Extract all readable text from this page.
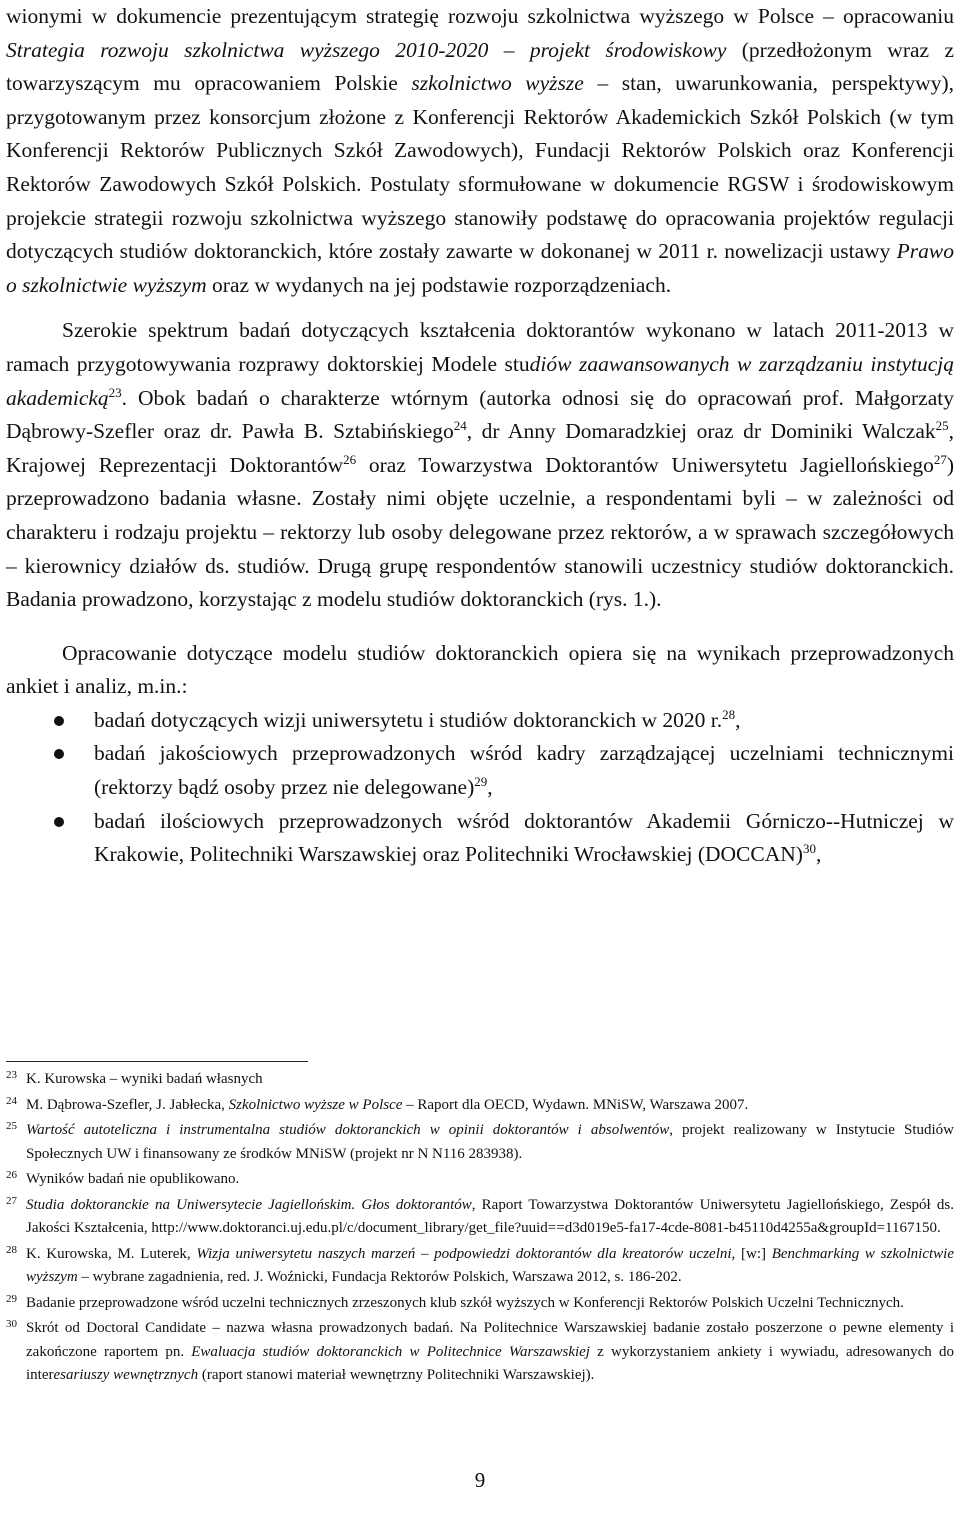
wionymi w dokumencie prezentującym strategię rozwoju szkolnictwa wyższego w Polsce – opracowaniu Strategia rozwoju szkolnictwa wyższego 2010-2020 – projekt środowiskowy (przedłożonym wraz z towarzyszącym mu opracowaniem Polskie szkolnictwo wyższe – stan, uwarunkowania, perspektywy), przygotowanym przez konsorcjum złożone z Konferencji Rektorów Akademickich Szkół Polskich (w tym Konferencji Rektorów Publicznych Szkół Zawodowych), Fundacji Rektorów Polskich oraz Konferencji Rektorów Zawodowych Szkół Polskich. Postulaty sformułowane w dokumencie RGSW i środowiskowym projekcie strategii rozwoju szkolnictwa wyższego stanowiły podstawę do opracowania projektów regulacji dotyczących studiów doktoranckich, które zostały zawarte w dokonanej w 2011 r. nowelizacji ustawy Prawo o szkolnictwie wyższym oraz w wydanych na jej podstawie rozporządzeniach.

Szerokie spektrum badań dotyczących kształcenia doktorantów wykonano w latach 2011-2013 w ramach przygotowywania rozprawy doktorskiej Modele studiów zaawansowanych w zarządzaniu instytucją akademicką$^{23}$. Obok badań o charakterze wtórnym (autorka odnosi się do opracowań prof. Małgorzaty Dąbrowy-Szefler oraz dr. Pawła B. Sztabińskiego$^{24}$, dr Anny Domaradzkiej oraz dr Dominiki Walczak$^{25}$, Krajowej Reprezentacji Doktorantów$^{26}$ oraz Towarzystwa Doktorantów Uniwersytetu Jagiellońskiego$^{27}$) przeprowadzono badania własne. Zostały nimi objęte uczelnie, a respondentami byli – w zależności od charakteru i rodzaju projektu – rektorzy lub osoby delegowane przez rektorów, a w sprawach szczegółowych – kierownicy działów ds. studiów. Drugą grupę respondentów stanowili uczestnicy studiów doktoranckich. Badania prowadzono, korzystając z modelu studiów doktoranckich (rys. 1.).

Opracowanie dotyczące modelu studiów doktoranckich opiera się na wynikach przeprowadzonych ankiet i analiz, m.in.:

badań dotyczących wizji uniwersytetu i studiów doktoranckich w 2020 r.$^{28}$,
badań jakościowych przeprowadzonych wśród kadry zarządzającej uczelniami technicznymi (rektorzy bądź osoby przez nie delegowane)$^{29}$,
badań ilościowych przeprowadzonych wśród doktorantów Akademii Górniczo--Hutniczej w Krakowie, Politechniki Warszawskiej oraz Politechniki Wrocławskiej (DOCCAN)$^{30}$,
23 K. Kurowska – wyniki badań własnych
24 M. Dąbrowa-Szefler, J. Jabłecka, Szkolnictwo wyższe w Polsce – Raport dla OECD, Wydawn. MNiSW, Warszawa 2007.
25 Wartość autoteliczna i instrumentalna studiów doktoranckich w opinii doktorantów i absolwentów, projekt realizowany w Instytucie Studiów Społecznych UW i finansowany ze środków MNiSW (projekt nr N N116 283938).
26 Wyników badań nie opublikowano.
27 Studia doktoranckie na Uniwersytecie Jagiellońskim. Głos doktorantów, Raport Towarzystwa Doktorantów Uniwersytetu Jagiellońskiego, Zespół ds. Jakości Kształcenia, http://www.doktoranci.uj.edu.pl/c/document_library/get_file?uuid==d3d019e5-fa17-4cde-8081-b45110d4255a&groupId=1167150.
28 K. Kurowska, M. Luterek, Wizja uniwersytetu naszych marzeń – podpowiedzi doktorantów dla kreatorów uczelni, [w:] Benchmarking w szkolnictwie wyższym – wybrane zagadnienia, red. J. Woźnicki, Fundacja Rektorów Polskich, Warszawa 2012, s. 186-202.
29 Badanie przeprowadzone wśród uczelni technicznych zrzeszonych klub szkół wyższych w Konferencji Rektorów Polskich Uczelni Technicznych.
30 Skrót od Doctoral Candidate – nazwa własna prowadzonych badań. Na Politechnice Warszawskiej badanie zostało poszerzone o pewne elementy i zakończone raportem pn. Ewaluacja studiów doktoranckich w Politechnice Warszawskiej z wykorzystaniem ankiety i wywiadu, adresowanych do interesariuszy wewnętrznych (raport stanowi materiał wewnętrzny Politechniki Warszawskiej).
9
